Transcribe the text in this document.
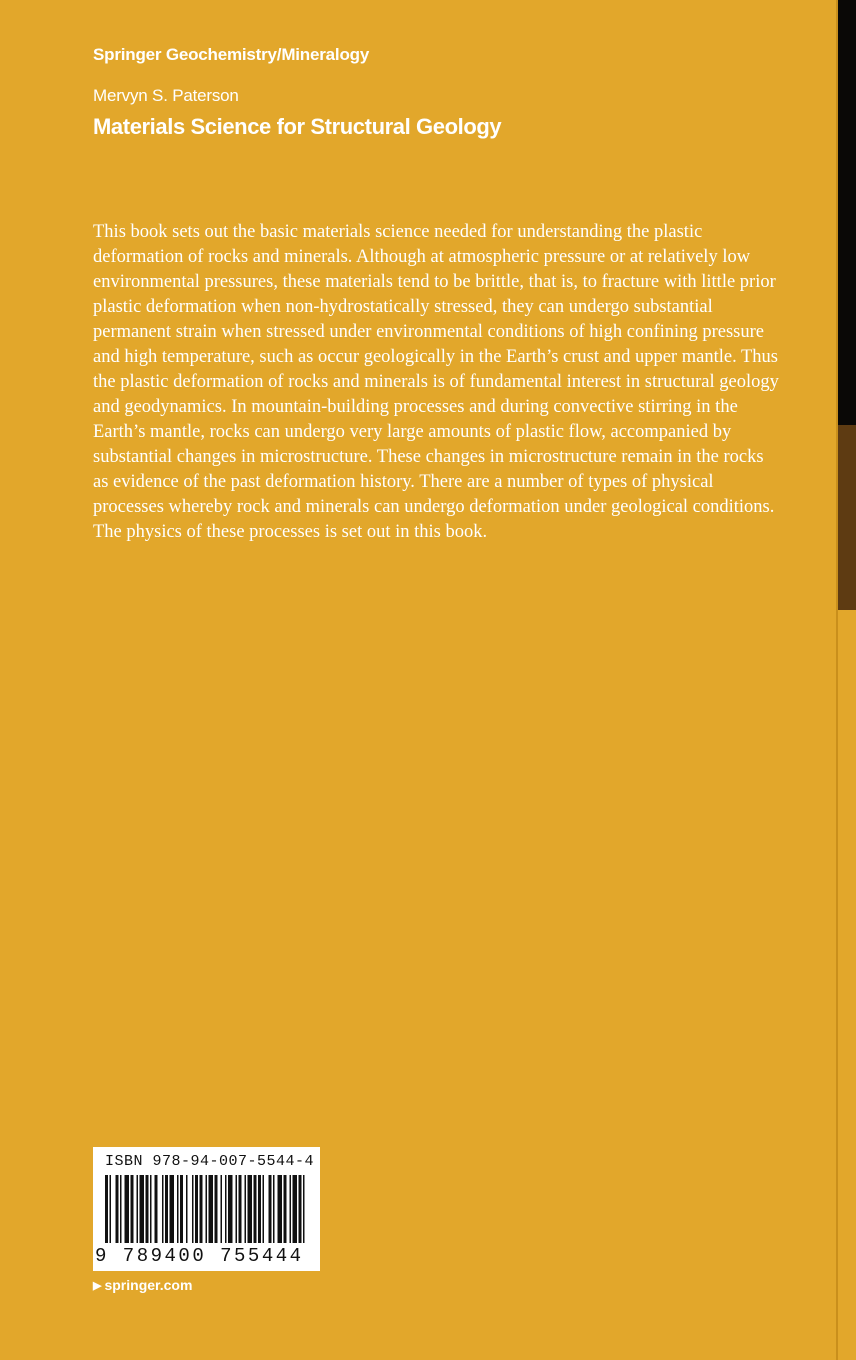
Springer Geochemistry/Mineralogy
Mervyn S. Paterson
Materials Science for Structural Geology

This book sets out the basic materials science needed for understanding the plastic deformation of rocks and minerals. Although at atmospheric pressure or at relatively low environmental pressures, these materials tend to be brittle, that is, to fracture with little prior plastic deformation when non-hydrostatically stressed, they can undergo substantial permanent strain when stressed under environmental conditions of high confining pressure and high temperature, such as occur geologically in the Earth’s crust and upper mantle. Thus the plastic deformation of rocks and minerals is of fundamental interest in structural geology and geodynamics. In mountain-building processes and during convective stirring in the Earth’s mantle, rocks can undergo very large amounts of plastic flow, accompanied by substantial changes in microstructure. These changes in microstructure remain in the rocks as evidence of the past deformation history. There are a number of types of physical processes whereby rock and minerals can undergo deformation under geological conditions. The physics of these processes is set out in this book.

ISBN 978-94-007-5544-4
9 789400 755444
▶ springer.com
